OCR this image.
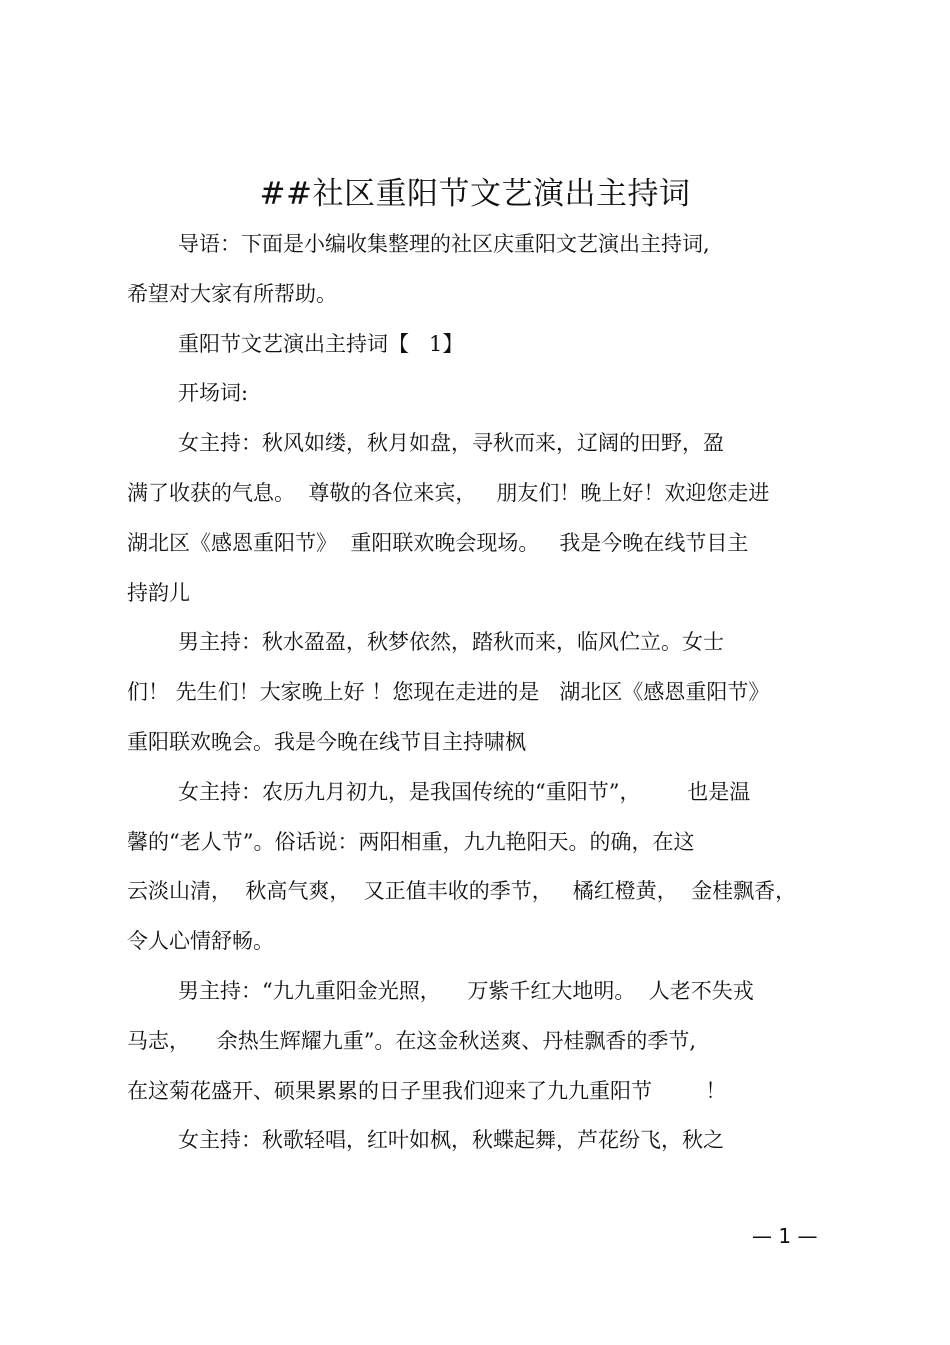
##社区重阳节文艺演出主持词
导语：下面是小编收集整理的社区庆重阳文艺演出主持词,
希望对大家有所帮助。
重阳节文艺演出主持词【   1】
开场词:
女主持：秋风如缕，秋月如盘，寻秋而来，辽阔的田野，盈
满了收获的气息。  尊敬的各位来宾，   朋友们！晚上好！欢迎您走进
湖北区《感恩重阳节》  重阳联欢晚会现场。   我是今晚在线节目主
持韵儿
男主持：秋水盈盈，秋梦依然，踏秋而来，临风伫立。女士
们！ 先生们！大家晚上好 ！您现在走进的是   湖北区《感恩重阳节》
重阳联欢晚会。我是今晚在线节目主持啸枫
女主持：农历九月初九，是我国传统的“重阳节”，       也是温
馨的“老人节”。俗话说：两阳相重，九九艳阳天。的确，在这
云淡山清，  秋高气爽，  又正值丰收的季节，   橘红橙黄，  金桂飘香，
令人心情舒畅。
男主持：“九九重阳金光照，    万紫千红大地明。  人老不失戎
马志，    余热生辉耀九重”。在这金秋送爽、丹桂飘香的季节,
在这菊花盛开、硕果累累的日子里我们迎来了九九重阳节        ！
女主持：秋歌轻唱，红叶如枫，秋蝶起舞，芦花纷飞，秋之
— 1 —
